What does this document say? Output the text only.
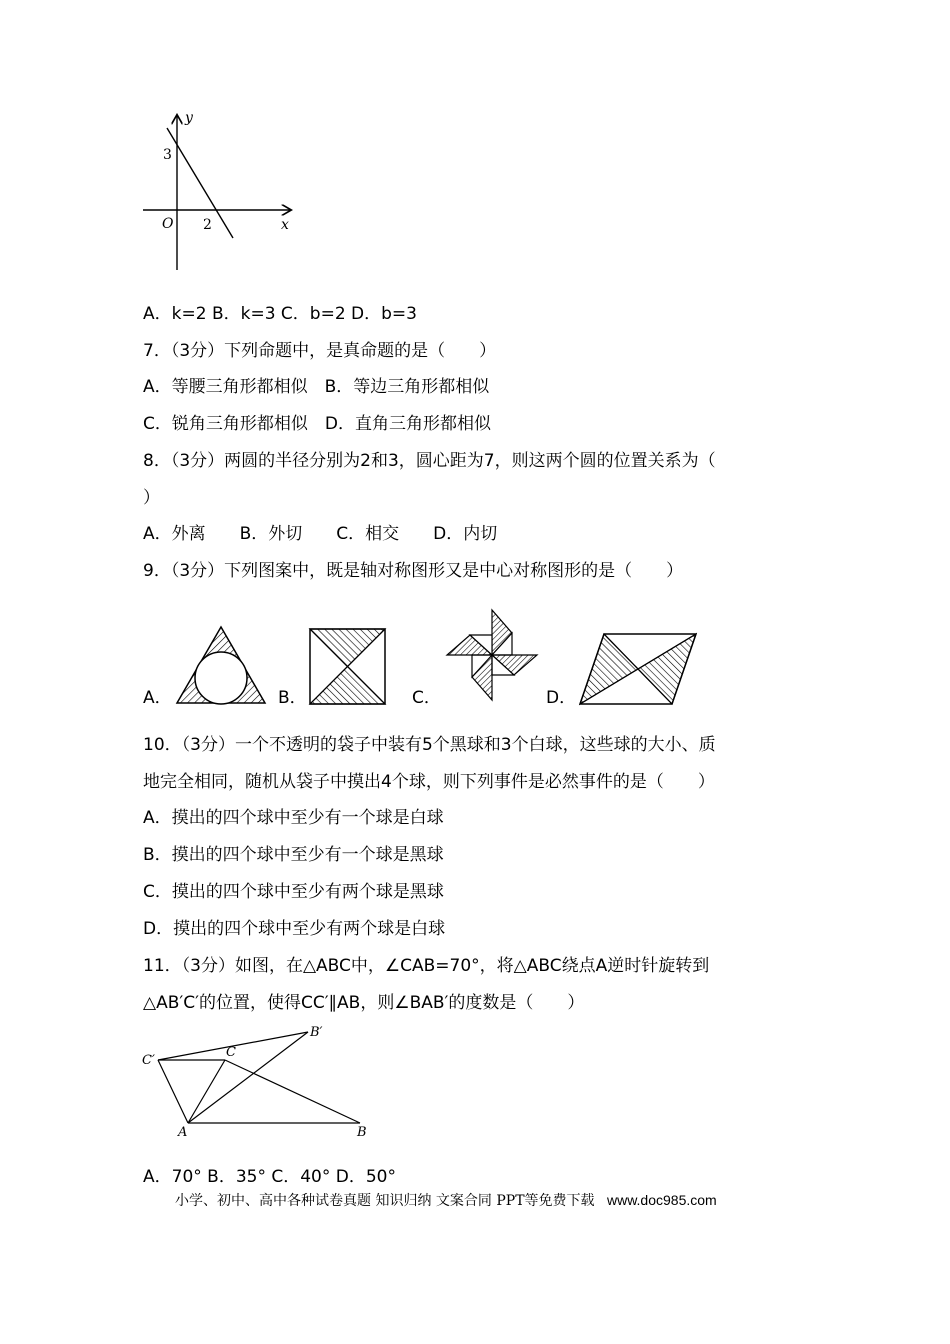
y
x
O
3
2
A．k=2 B．k=3 C．b=2 D．b=3
7．（3分）下列命题中，是真命题的是（　　）
A．等腰三角形都相似　B．等边三角形都相似
C．锐角三角形都相似　D．直角三角形都相似
8．（3分）两圆的半径分别为2和3，圆心距为7，则这两个圆的位置关系为（
）
A．外离　　B．外切　　C．相交　　D．内切
9．（3分）下列图案中，既是轴对称图形又是中心对称图形的是（　　）
A．	B．	C．	D．
10．（3分）一个不透明的袋子中装有5个黑球和3个白球，这些球的大小、质
地完全相同，随机从袋子中摸出4个球，则下列事件是必然事件的是（　　）
A．摸出的四个球中至少有一个球是白球
B．摸出的四个球中至少有一个球是黑球
C．摸出的四个球中至少有两个球是黑球
D．摸出的四个球中至少有两个球是白球
11．（3分）如图，在△ABC中，∠CAB=70°，将△ABC绕点A逆时针旋转到
△AB′C′的位置，使得CC′∥AB，则∠BAB′的度数是（　　）
C′
C
B′
A	B
A．70° B．35° C．40° D．50°
小学、初中、高中各种试卷真题 知识归纳 文案合同 PPT等免费下载 www.doc985.com
